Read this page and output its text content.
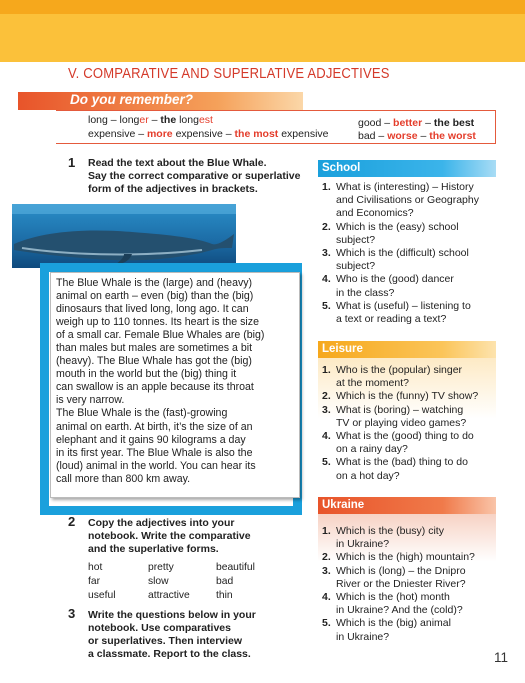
V. COMPARATIVE AND SUPERLATIVE ADJECTIVES
Do you remember?
long – longer – the longest
expensive – more expensive – the most expensive
good – better – the best
bad – worse – the worst
1 Read the text about the Blue Whale.
Say the correct comparative or superlative
form of the adjectives in brackets.
The Blue Whale is the (large) and (heavy)
animal on earth – even (big) than the (big)
dinosaurs that lived long, long ago. It can
weigh up to 110 tonnes. Its heart is the size
of a small car. Female Blue Whales are (big)
than males but males are sometimes a bit
(heavy). The Blue Whale has got the (big)
mouth in the world but the (big) thing it
can swallow is an apple because its throat
is very narrow.
The Blue Whale is the (fast)-growing
animal on earth. At birth, it’s the size of an
elephant and it gains 90 kilograms a day
in its first year. The Blue Whale is also the
(loud) animal in the world. You can hear its
call more than 800 km away.
2 Copy the adjectives into your
notebook. Write the comparative
and the superlative forms.
hot	pretty	beautiful
far	slow	bad
useful	attractive	thin
3 Write the questions below in your
notebook. Use comparatives
or superlatives. Then interview
a classmate. Report to the class.
School
1. What is (interesting) – History
and Civilisations or Geography
and Economics?
2. Which is the (easy) school
subject?
3. Which is the (difficult) school
subject?
4. Who is the (good) dancer
in the class?
5. What is (useful) – listening to
a text or reading a text?
Leisure
1. Who is the (popular) singer
at the moment?
2. Which is the (funny) TV show?
3. What is (boring) – watching
TV or playing video games?
4. What is the (good) thing to do
on a rainy day?
5. What is the (bad) thing to do
on a hot day?
Ukraine
1. Which is the (busy) city
in Ukraine?
2. Which is the (high) mountain?
3. Which is (long) – the Dnipro
River or the Dniester River?
4. Which is the (hot) month
in Ukraine? And the (cold)?
5. Which is the (big) animal
in Ukraine?
11
